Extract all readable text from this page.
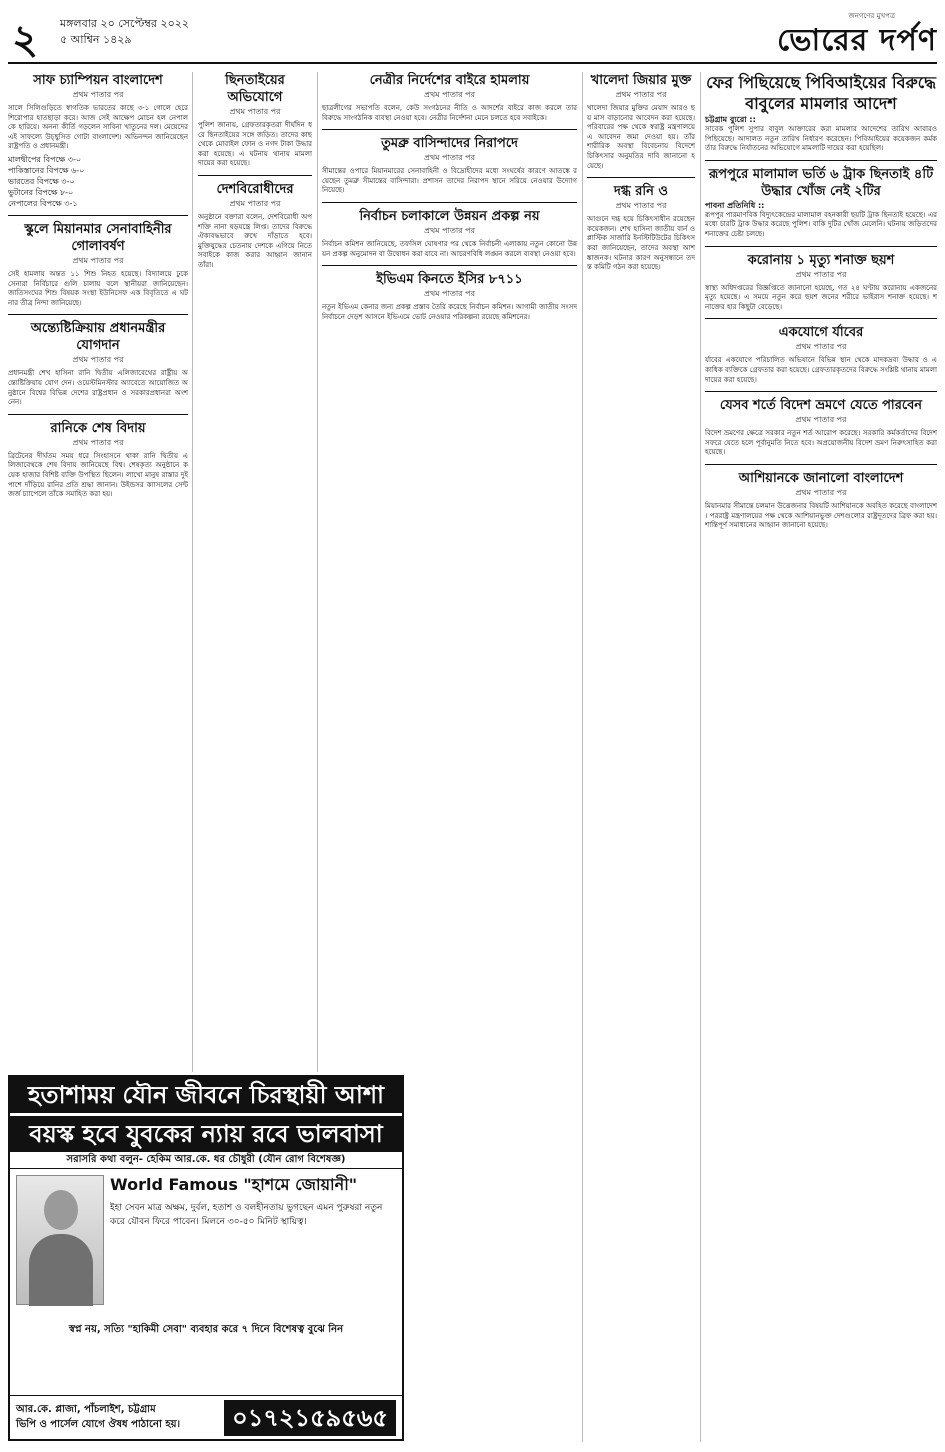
২ মঙ্গলবার ২০ সেপ্টেম্বর ২০২২
৫ আশ্বিন ১৪২৯
জনগণের মুখপত্র
ভোরের দর্পণ
সাফ চ্যাম্পিয়ন বাংলাদেশ
প্রথম পাতার পর
সালে সিলিগুড়িতে স্বাগতিক ভারতের কাছে ৩-১ গোলে হেরে শিরোপার হাতছাড়া করে। আজ সেই আক্ষেপ মোচন হল নেপালকে হারিয়ে। অনন্য কীর্তি গড়লেন সাবিনা খাতুনের দল। মেয়েদের এই সাফল্যে উচ্ছ্বসিত গোটা বাংলাদেশ। অভিনন্দন জানিয়েছেন রাষ্ট্রপতি ও প্রধানমন্ত্রী।
মালদ্বীপের বিপক্ষে ৩-০
পাকিস্তানের বিপক্ষে ৬-০
ভারতের বিপক্ষে ৩-০
ভুটানের বিপক্ষে ৮-০
নেপালের বিপক্ষে ৩-১
স্কুলে মিয়ানমার সেনাবাহিনীর গোলাবর্ষণ
প্রথম পাতার পর
সেই হামলায় অন্তত ১১ শিশু নিহত হয়েছে। বিদ্যালয়ে ঢুকে সেনারা নির্বিচারে গুলি চালায় বলে স্থানীয়রা জানিয়েছেন। জাতিসংঘের শিশু বিষয়ক সংস্থা ইউনিসেফ এক বিবৃতিতে এ ঘটনার তীব্র নিন্দা জানিয়েছে।
অন্ত্যেষ্টিক্রিয়ায় প্রধানমন্ত্রীর যোগদান
প্রথম পাতার পর
প্রধানমন্ত্রী শেখ হাসিনা রানি দ্বিতীয় এলিজাবেথের রাষ্ট্রীয় অন্ত্যেষ্টিক্রিয়ায় যোগ দেন। ওয়েস্টমিনস্টার অ্যাবেতে আয়োজিত অনুষ্ঠানে বিশ্বের বিভিন্ন দেশের রাষ্ট্রপ্রধান ও সরকারপ্রধানরা অংশ নেন।
রানিকে শেষ বিদায়
প্রথম পাতার পর
ব্রিটেনের দীর্ঘতম সময় ধরে সিংহাসনে থাকা রানি দ্বিতীয় এলিজাবেথকে শেষ বিদায় জানিয়েছে বিশ্ব। শেষকৃত্য অনুষ্ঠানে কয়েক হাজার বিশিষ্ট ব্যক্তি উপস্থিত ছিলেন। লাখো মানুষ রাস্তার দুই পাশে দাঁড়িয়ে রানির প্রতি শ্রদ্ধা জানান। উইন্ডসর ক্যাসলের সেন্ট জর্জ চ্যাপেলে তাঁকে সমাহিত করা হয়।
ছিনতাইয়ের অভিযোগে
প্রথম পাতার পর
পুলিশ জানায়, গ্রেফতারকৃতরা দীর্ঘদিন ধরে ছিনতাইয়ের সঙ্গে জড়িত। তাদের কাছ থেকে মোবাইল ফোন ও নগদ টাকা উদ্ধার করা হয়েছে। এ ঘটনায় থানায় মামলা দায়ের করা হয়েছে।
দেশবিরোধীদের
প্রথম পাতার পর
অনুষ্ঠানে বক্তারা বলেন, দেশবিরোধী অপশক্তি নানা ষড়যন্ত্রে লিপ্ত। তাদের বিরুদ্ধে ঐক্যবদ্ধভাবে রুখে দাঁড়াতে হবে। মুক্তিযুদ্ধের চেতনায় দেশকে এগিয়ে নিতে সবাইকে কাজ করার আহ্বান জানান তাঁরা।
নেত্রীর নির্দেশের বাইরে হামলায়
প্রথম পাতার পর
ছাত্রলীগের সভাপতি বলেন, কেউ সংগঠনের নীতি ও আদর্শের বাইরে কাজ করলে তার বিরুদ্ধে সাংগঠনিক ব্যবস্থা নেওয়া হবে। নেত্রীর নির্দেশনা মেনে চলতে হবে সবাইকে।
তুমব্রু বাসিন্দাদের নিরাপদে
প্রথম পাতার পর
সীমান্তের ওপারে মিয়ানমারের সেনাবাহিনী ও বিদ্রোহীদের মধ্যে সংঘর্ষের কারণে আতঙ্কে রয়েছেন তুমব্রু সীমান্তের বাসিন্দারা। প্রশাসন তাদের নিরাপদ স্থানে সরিয়ে নেওয়ার উদ্যোগ নিয়েছে।
নির্বাচন চলাকালে উন্নয়ন প্রকল্প নয়
প্রথম পাতার পর
নির্বাচন কমিশন জানিয়েছে, তফসিল ঘোষণার পর থেকে নির্বাচনী এলাকায় নতুন কোনো উন্নয়ন প্রকল্প অনুমোদন বা উদ্বোধন করা যাবে না। আচরণবিধি লঙ্ঘন করলে ব্যবস্থা নেওয়া হবে।
ইভিএম কিনতে ইসির ৮৭১১
প্রথম পাতার পর
নতুন ইভিএম কেনার জন্য প্রকল্প প্রস্তাব তৈরি করেছে নির্বাচন কমিশন। আগামী জাতীয় সংসদ নির্বাচনে দেড়শ আসনে ইভিএমে ভোট নেওয়ার পরিকল্পনা রয়েছে কমিশনের।
খালেদা জিয়ার মুক্ত
প্রথম পাতার পর
খালেদা জিয়ার মুক্তির মেয়াদ আরও ছয় মাস বাড়ানোর আবেদন করা হয়েছে। পরিবারের পক্ষ থেকে স্বরাষ্ট্র মন্ত্রণালয়ে এ আবেদন জমা দেওয়া হয়। তাঁর শারীরিক অবস্থা বিবেচনায় বিদেশে চিকিৎসার অনুমতির দাবি জানানো হয়েছে।
দগ্ধ রনি ও
প্রথম পাতার পর
আগুনে দগ্ধ হয়ে চিকিৎসাধীন রয়েছেন কয়েকজন। শেখ হাসিনা জাতীয় বার্ন ও প্লাস্টিক সার্জারি ইনস্টিটিউটের চিকিৎসকরা জানিয়েছেন, তাদের অবস্থা আশঙ্কাজনক। ঘটনার কারণ অনুসন্ধানে তদন্ত কমিটি গঠন করা হয়েছে।
ফের পিছিয়েছে পিবিআইয়ের বিরুদ্ধে বাবুলের মামলার আদেশ
চট্টগ্রাম ব্যুরো ::
সাবেক পুলিশ সুপার বাবুল আক্তারের করা মামলার আদেশের তারিখ আবারও পিছিয়েছে। আদালত নতুন তারিখ নির্ধারণ করেছেন। পিবিআইয়ের কয়েকজন কর্মকর্তার বিরুদ্ধে নির্যাতনের অভিযোগে মামলাটি দায়ের করা হয়েছিল।
রূপপুরে মালামাল ভর্তি ৬ ট্রাক ছিনতাই ৪টি উদ্ধার খোঁজ নেই ২টির
পাবনা প্রতিনিধি ::
রূপপুর পারমাণবিক বিদ্যুৎকেন্দ্রের মালামাল বহনকারী ছয়টি ট্রাক ছিনতাই হয়েছে। এর মধ্যে চারটি ট্রাক উদ্ধার করেছে পুলিশ। বাকি দুটির খোঁজ মেলেনি। ঘটনায় জড়িতদের শনাক্তের চেষ্টা চলছে।
করোনায় ১ মৃত্যু শনাক্ত ছয়শ
প্রথম পাতার পর
স্বাস্থ্য অধিদপ্তরের বিজ্ঞপ্তিতে জানানো হয়েছে, গত ২৪ ঘণ্টায় করোনায় একজনের মৃত্যু হয়েছে। এ সময়ে নতুন করে ছয়শ জনের শরীরে ভাইরাস শনাক্ত হয়েছে। শনাক্তের হার কিছুটা বেড়েছে।
একযোগে র্যাবের
প্রথম পাতার পর
র্যাবের একযোগে পরিচালিত অভিযানে বিভিন্ন স্থান থেকে মাদকদ্রব্য উদ্ধার ও একাধিক ব্যক্তিকে গ্রেফতার করা হয়েছে। গ্রেফতারকৃতদের বিরুদ্ধে সংশ্লিষ্ট থানায় মামলা দায়ের করা হয়েছে।
যেসব শর্তে বিদেশ ভ্রমণে যেতে পারবেন
প্রথম পাতার পর
বিদেশ ভ্রমণের ক্ষেত্রে সরকার নতুন শর্ত আরোপ করেছে। সরকারি কর্মকর্তাদের বিদেশ সফরে যেতে হলে পূর্বানুমতি নিতে হবে। অপ্রয়োজনীয় বিদেশ ভ্রমণ নিরুৎসাহিত করা হয়েছে।
আশিয়ানকে জানালো বাংলাদেশ
প্রথম পাতার পর
মিয়ানমার সীমান্তে চলমান উত্তেজনার বিষয়টি আশিয়ানকে অবহিত করেছে বাংলাদেশ। পররাষ্ট্র মন্ত্রণালয়ের পক্ষ থেকে আশিয়ানভুক্ত দেশগুলোর রাষ্ট্রদূতদের ব্রিফ করা হয়। শান্তিপূর্ণ সমাধানের আহ্বান জানানো হয়েছে।
হতাশাময় যৌন জীবনে চিরস্থায়ী আশা
বয়স্ক হবে যুবকের ন্যায় রবে ভালবাসা
সরাসরি কথা বলুন- হেকিম আর.কে. ধর চৌধুরী (যৌন রোগ বিশেষজ্ঞ)
World Famous "হাশমে জোয়ানী"
ইহা সেবন মাত্র অক্ষম, দুর্বল, হতাশ ও বলহীনতায় ভুগছেন এমন পুরুষরা নতুন করে যৌবন ফিরে পাবেন। মিলনে ৩০-৫০ মিনিট স্থায়িত্ব।
স্বপ্ন নয়, সত্যি "হাকিমী সেবা" ব্যবহার করে ৭ দিনে বিশেষত্ব বুঝে নিন
আর.কে. প্লাজা, পাঁচলাইশ, চট্টগ্রাম
ভিপি ও পার্সেল যোগে ঔষধ পাঠানো হয়।	০১৭২১৫৯৫৬৫
